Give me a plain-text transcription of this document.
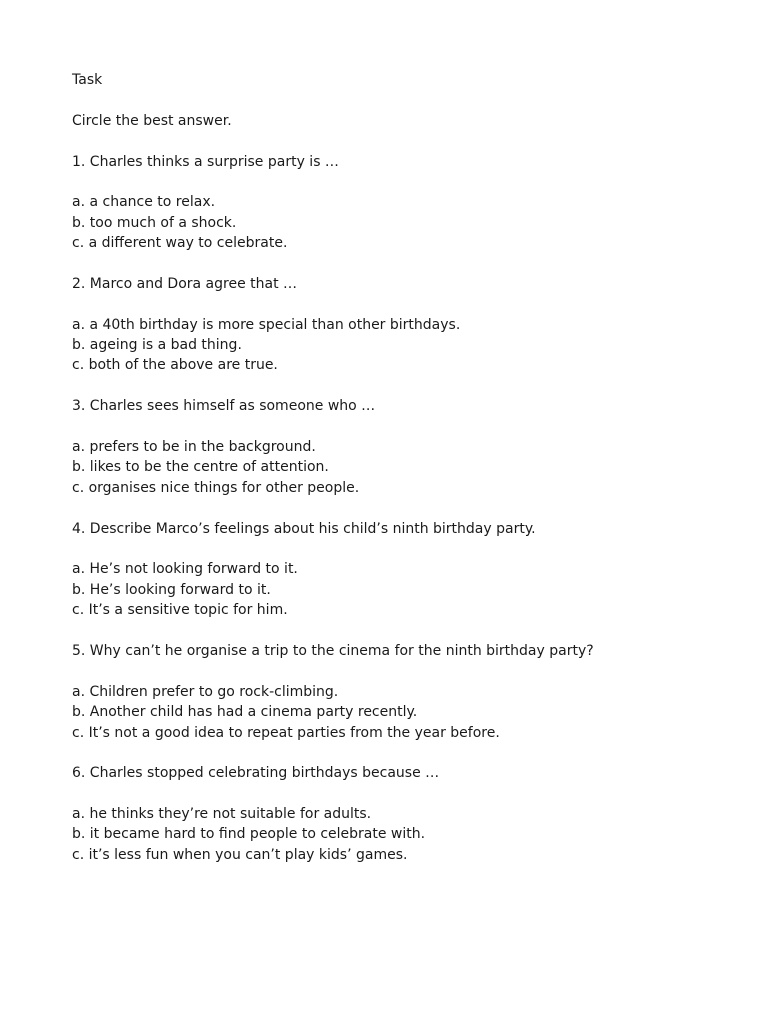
Task
Circle the best answer.
1. Charles thinks a surprise party is …
a. a chance to relax.
b. too much of a shock.
c. a different way to celebrate.
2. Marco and Dora agree that …
a. a 40th birthday is more special than other birthdays.
b. ageing is a bad thing.
c. both of the above are true.
3. Charles sees himself as someone who …
a. prefers to be in the background.
b. likes to be the centre of attention.
c. organises nice things for other people.
4. Describe Marco’s feelings about his child’s ninth birthday party.
a. He’s not looking forward to it.
b. He’s looking forward to it.
c. It’s a sensitive topic for him.
5. Why can’t he organise a trip to the cinema for the ninth birthday party?
a. Children prefer to go rock-climbing.
b. Another child has had a cinema party recently.
c. It’s not a good idea to repeat parties from the year before.
6. Charles stopped celebrating birthdays because …
a. he thinks they’re not suitable for adults.
b. it became hard to find people to celebrate with.
c. it’s less fun when you can’t play kids’ games.
